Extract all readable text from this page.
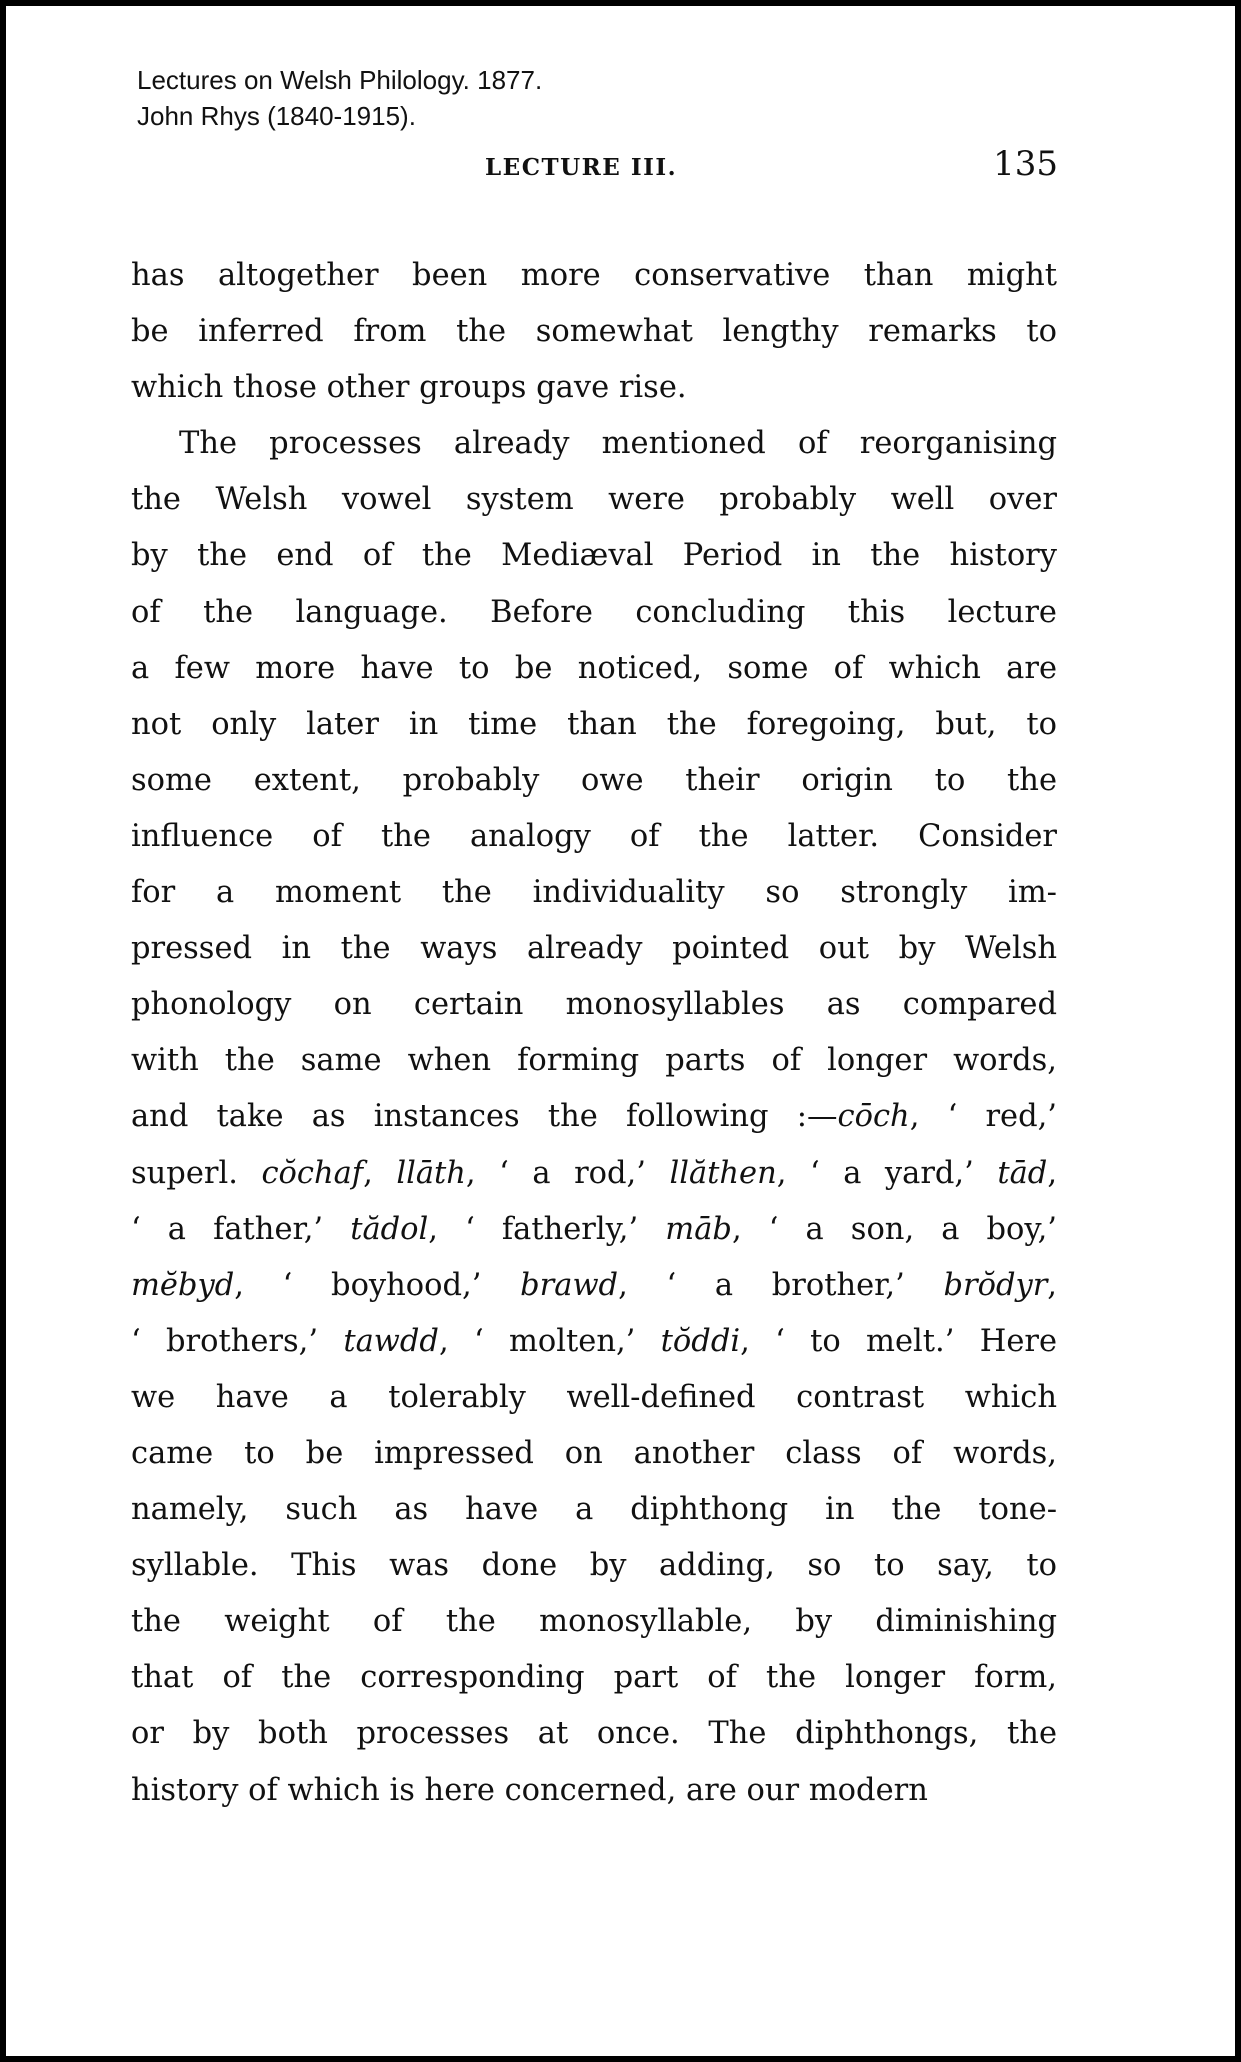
Lectures on Welsh Philology. 1877.
John Rhys (1840-1915).
LECTURE III.	135
has altogether been more conservative than might
be inferred from the somewhat lengthy remarks to
which those other groups gave rise.
The processes already mentioned of reorganising
the Welsh vowel system were probably well over
by the end of the Mediæval Period in the history
of the language. Before concluding this lecture
a few more have to be noticed, some of which are
not only later in time than the foregoing, but, to
some extent, probably owe their origin to the
influence of the analogy of the latter. Consider
for a moment the individuality so strongly im-
pressed in the ways already pointed out by Welsh
phonology on certain monosyllables as compared
with the same when forming parts of longer words,
and take as instances the following :—cōch, ‘ red,’
superl. cŏchaf, llāth, ‘ a rod,’ llăthen, ‘ a yard,’ tād,
‘ a father,’ tădol, ‘ fatherly,’ māb, ‘ a son, a boy,’
mĕbyd, ‘ boyhood,’ brawd, ‘ a brother,’ brŏdyr,
‘ brothers,’ tawdd, ‘ molten,’ tŏddi, ‘ to melt.’ Here
we have a tolerably well-defined contrast which
came to be impressed on another class of words,
namely, such as have a diphthong in the tone-
syllable. This was done by adding, so to say, to
the weight of the monosyllable, by diminishing
that of the corresponding part of the longer form,
or by both processes at once. The diphthongs, the
history of which is here concerned, are our modern
